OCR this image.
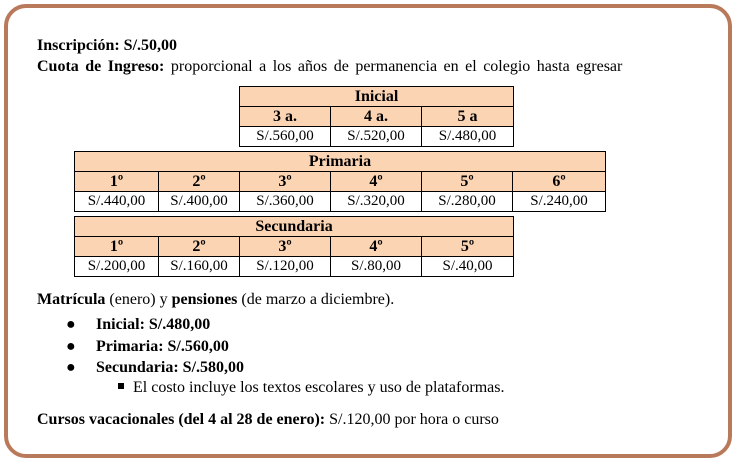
Inscripción: S/.50,00
Cuota de Ingreso: proporcional a los años de permanencia en el colegio hasta egresar
Inicial		
3 a.	4 a.	5 a
S/.560,00	S/.520,00	S/.480,00
Primaria					
1º	2º	3º	4º	5º	6º
S/.440,00	S/.400,00	S/.360,00	S/.320,00	S/.280,00	S/.240,00
Secundaria				
1º	2º	3º	4º	5º
S/.200,00	S/.160,00	S/.120,00	S/.80,00	S/.40,00
Matrícula (enero) y pensiones (de marzo a diciembre).
● Inicial: S/.480,00
● Primaria: S/.560,00
● Secundaria: S/.580,00
El costo incluye los textos escolares y uso de plataformas.
Cursos vacacionales (del 4 al 28 de enero): S/.120,00 por hora o curso
